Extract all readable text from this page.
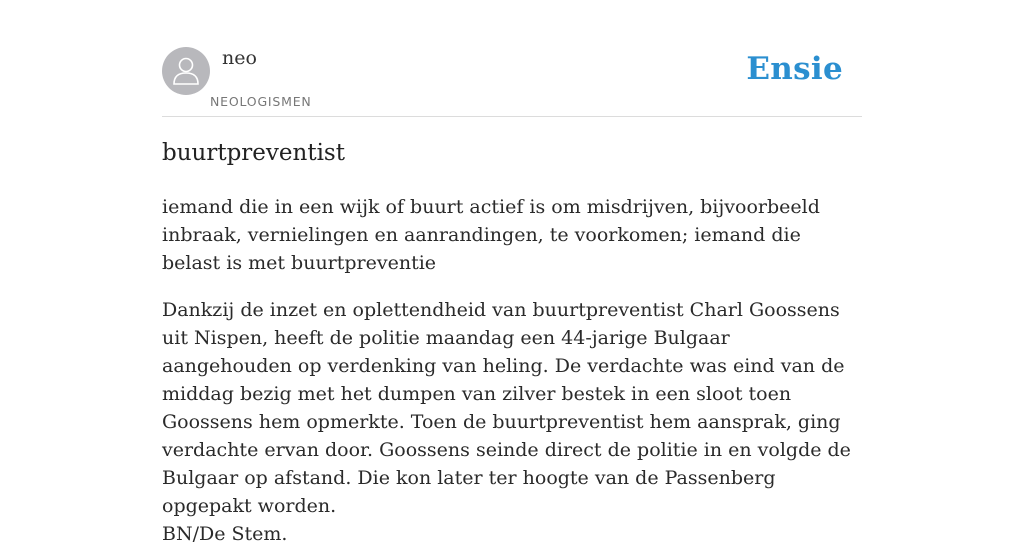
neo
NEOLOGISMEN
Ensie
buurtpreventist

iemand die in een wijk of buurt actief is om misdrijven, bijvoorbeeld inbraak, vernielingen en aanrandingen, te voorkomen; iemand die belast is met buurtpreventie

Dankzij de inzet en oplettendheid van buurtpreventist Charl Goossens uit Nispen, heeft de politie maandag een 44-jarige Bulgaar aangehouden op verdenking van heling. De verdachte was eind van de middag bezig met het dumpen van zilver bestek in een sloot toen Goossens hem opmerkte. Toen de buurtpreventist hem aansprak, ging verdachte ervan door. Goossens seinde direct de politie in en volgde de Bulgaar op afstand. Die kon later ter hoogte van de Passenberg opgepakt worden.
BN/De Stem.
